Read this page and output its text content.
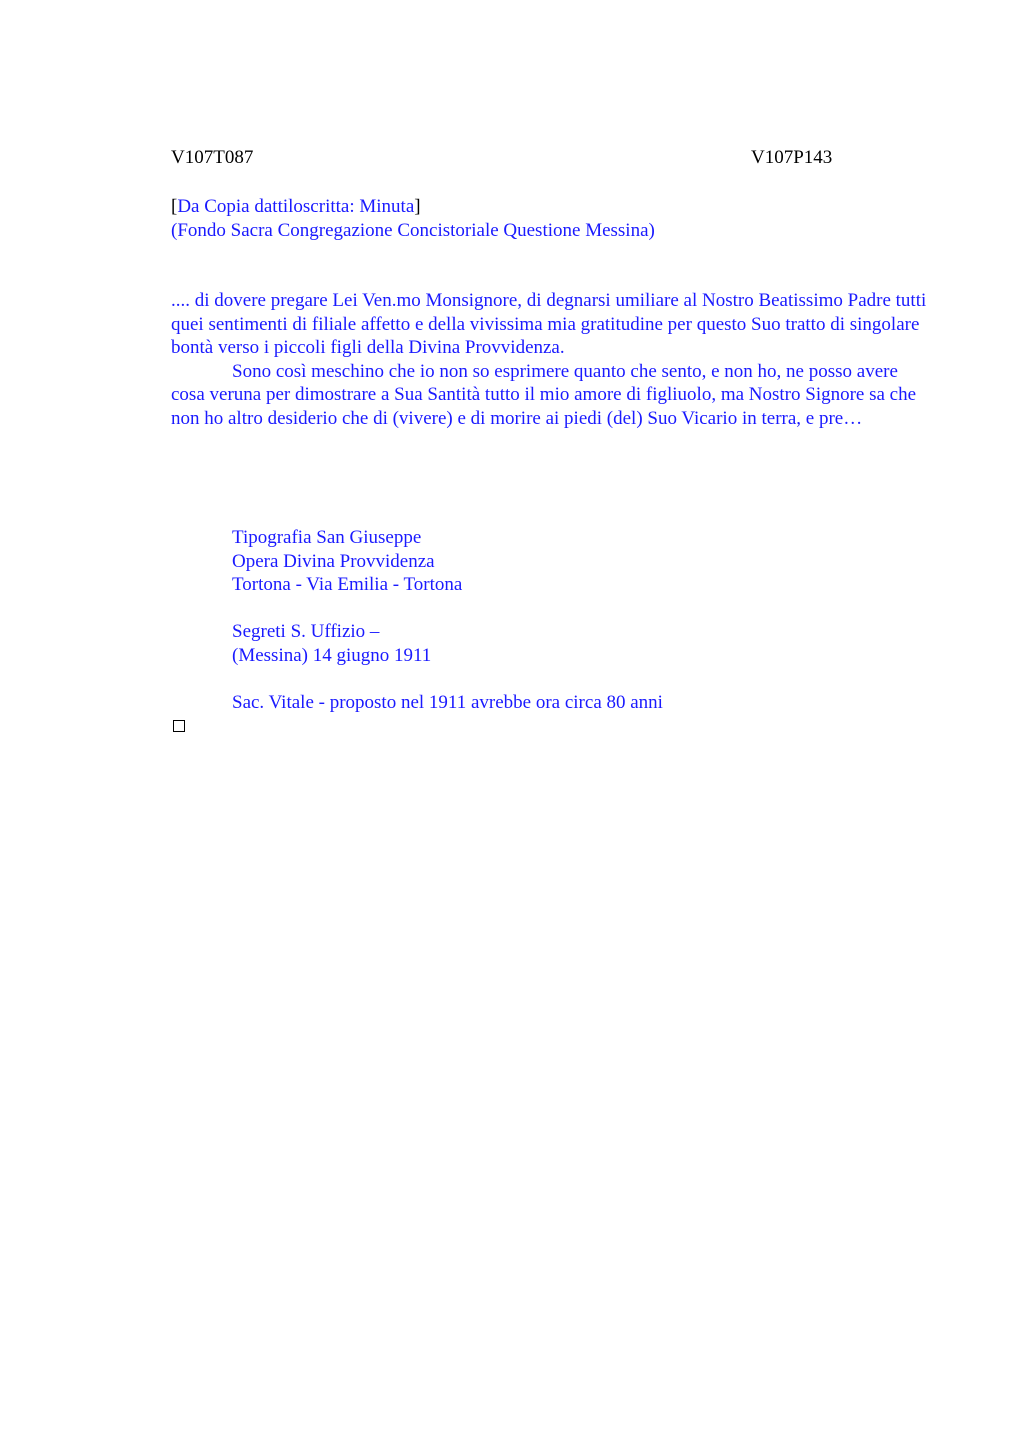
V107T087	V107P143
[Da Copia dattiloscritta: Minuta]
(Fondo Sacra Congregazione Concistoriale Questione Messina)

.... di dovere pregare Lei Ven.mo Monsignore, di degnarsi umiliare al Nostro Beatissimo Padre tutti quei sentimenti di filiale affetto e della vivissima mia gratitudine per questo Suo tratto di singolare bontà verso i piccoli figli della Divina Provvidenza.

Sono così meschino che io non so esprimere quanto che sento, e non ho, ne posso avere cosa veruna per dimostrare a Sua Santità tutto il mio amore di figliuolo, ma Nostro Signore sa che non ho altro desiderio che di (vivere) e di morire ai piedi (del) Suo Vicario in terra, e pre…

Tipografia San Giuseppe
Opera Divina Provvidenza
Tortona - Via Emilia - Tortona
Segreti S. Uffizio –
(Messina) 14 giugno 1911
Sac. Vitale - proposto nel 1911 avrebbe ora circa 80 anni
